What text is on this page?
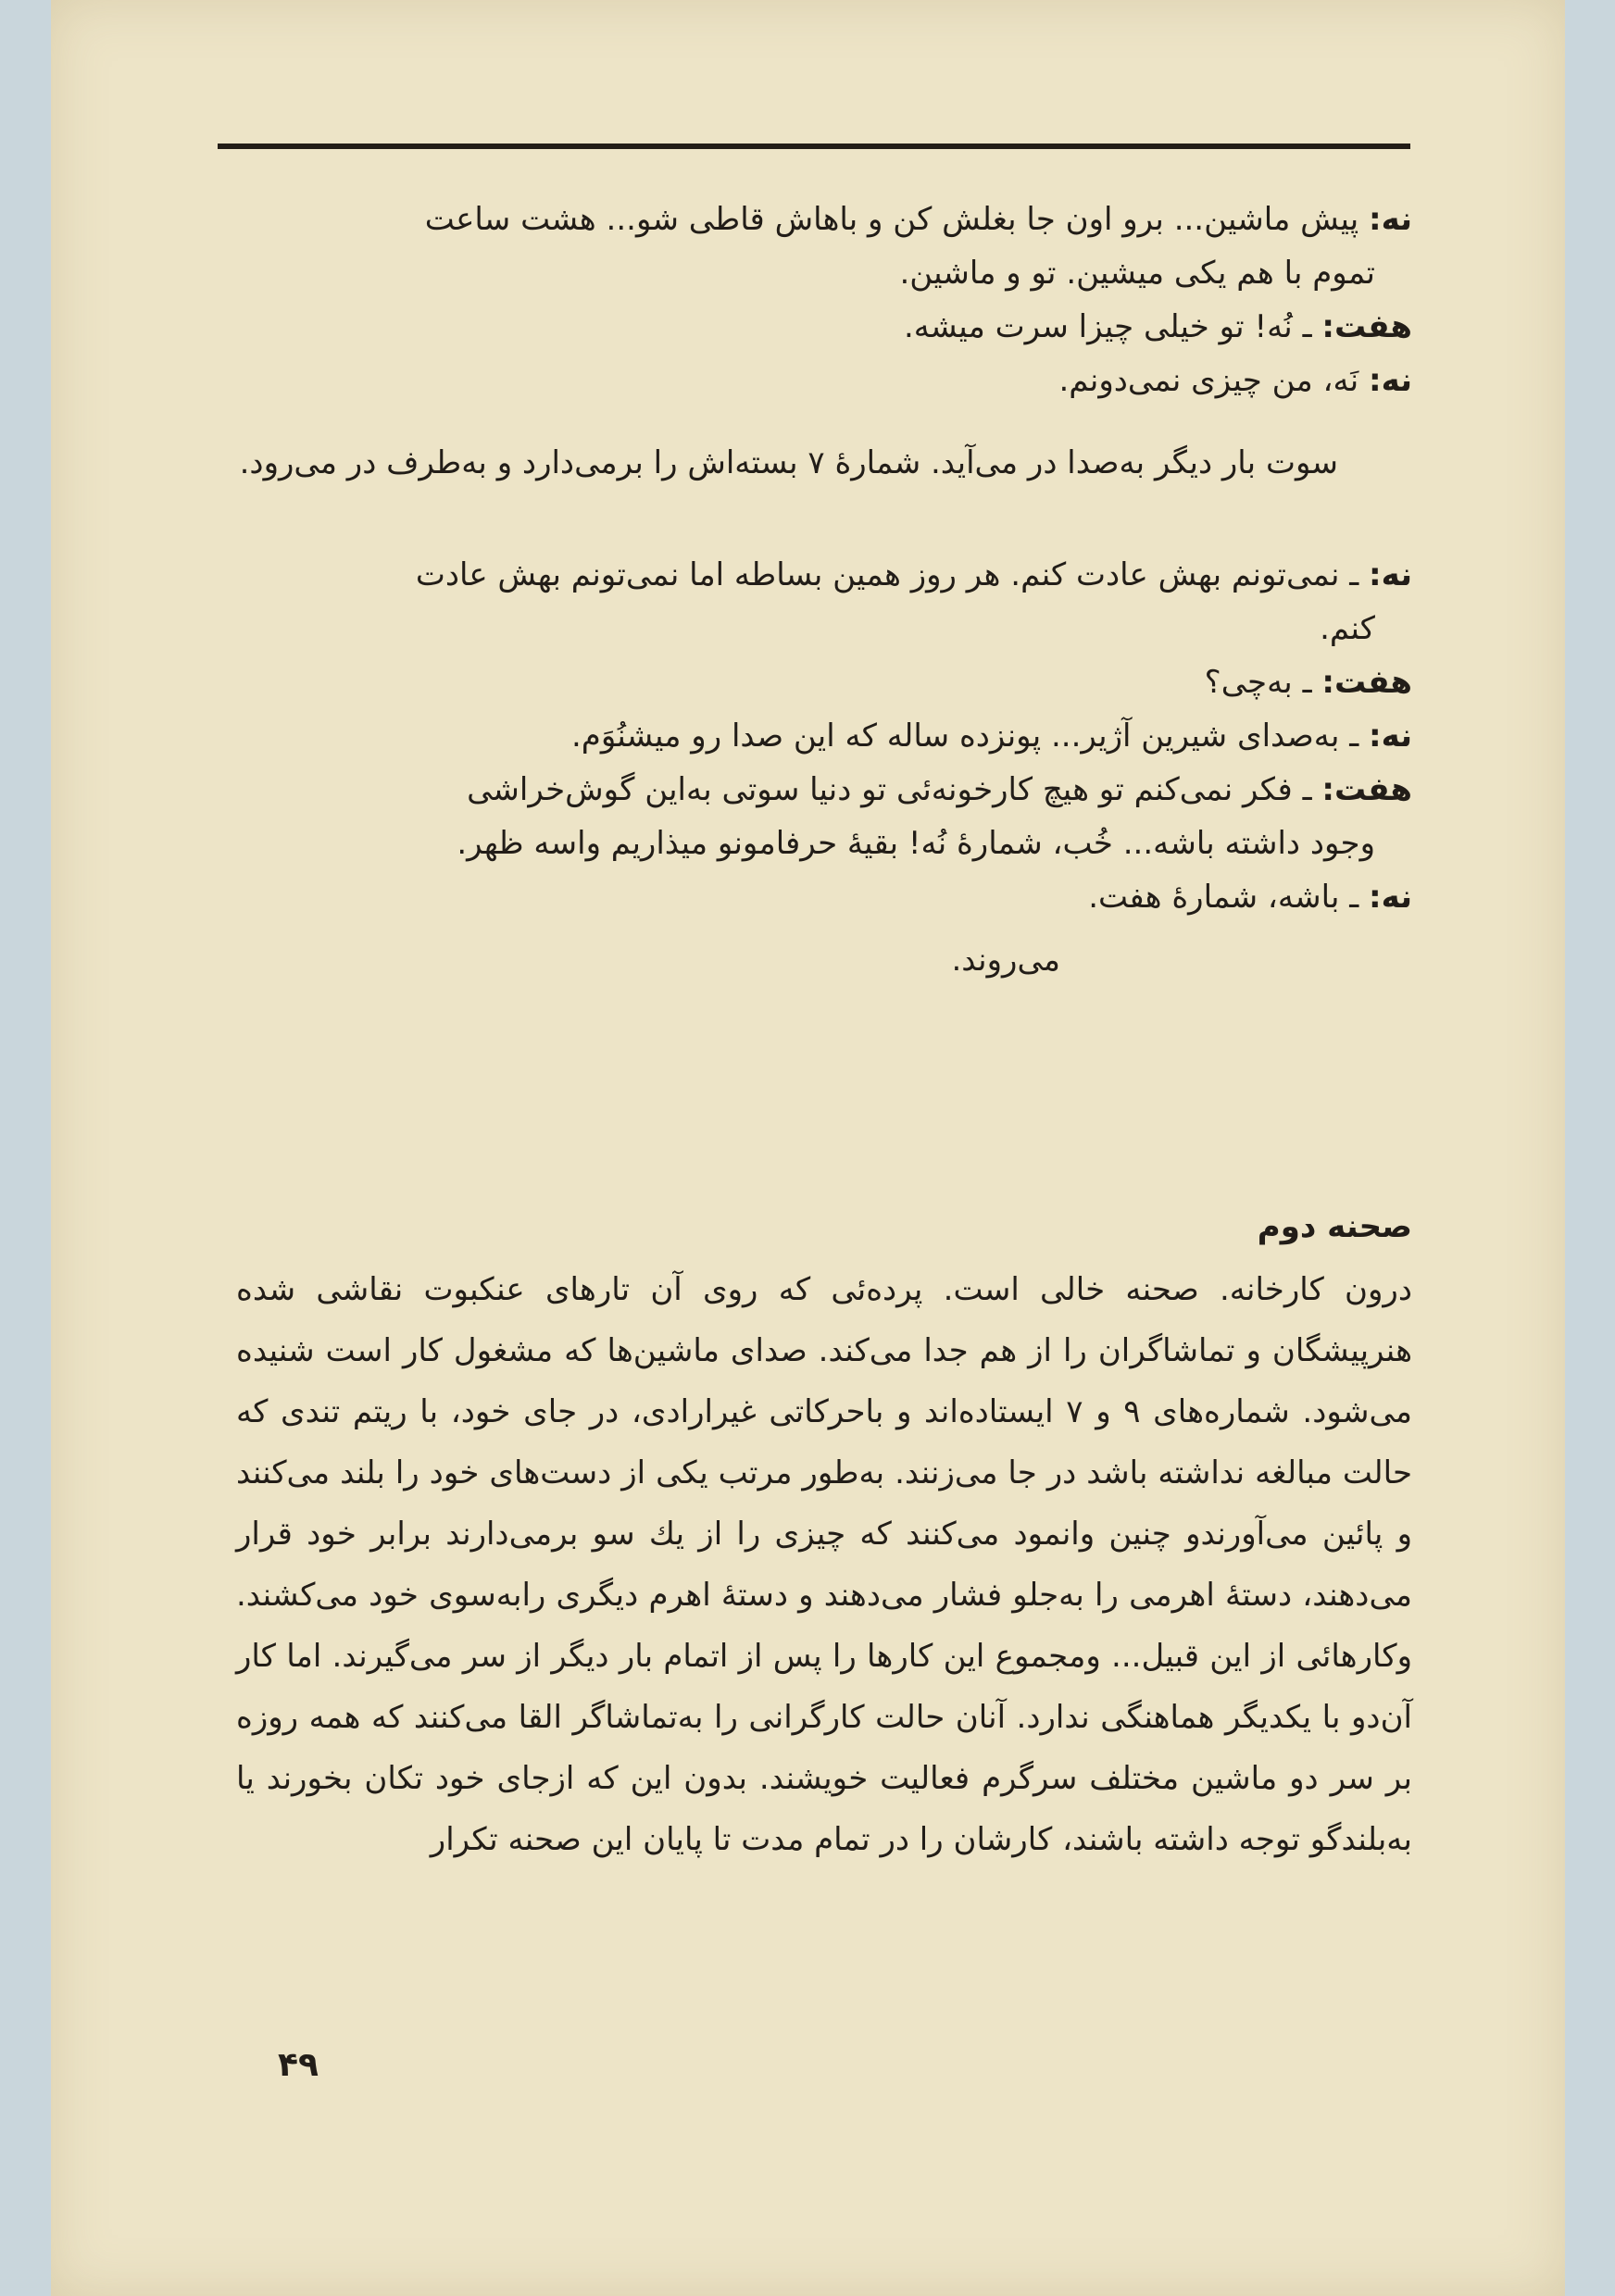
نه: پیش ماشین... برو اون جا بغلش کن و باهاش قاطی شو... هشت ساعت
تموم با هم یکی میشین. تو و ماشین.
هفت: ـ نُه! تو خیلی چیزا سرت میشه.
نه: نَه، من چیزی نمی‌دونم.
سوت بار دیگر به‌صدا در می‌آید. شمارهٔ ۷ بسته‌اش را برمی‌دارد و به‌طرف در می‌رود.
نه: ـ نمی‌تونم بهش عادت کنم. هر روز همین بساطه اما نمی‌تونم بهش عادت
کنم.
هفت: ـ به‌چی؟
نه: ـ به‌صدای شیرین آژیر... پونزده ساله که این صدا رو میشنُوَم.
هفت: ـ فکر نمی‌کنم تو هیچ کارخونه‌ئی تو دنیا سوتی به‌این گوش‌خراشی
وجود داشته باشه... خُب، شمارهٔ نُه! بقیهٔ حرفامونو میذاریم واسه ظهر.
نه: ـ باشه، شمارهٔ هفت.
می‌روند.
صحنه دوم
درون کارخانه. صحنه خالی است. پرده‌ئی که روی آن تارهای عنکبوت نقاشی شده هنرپیشگان و تماشاگران را از هم جدا می‌کند. صدای ماشین‌ها که مشغول کار است شنیده می‌شود. شماره‌های ۹ و ۷ ایستاده‌اند و باحرکاتی غیرارادی، در جای خود، با ریتم تندی که حالت مبالغه نداشته باشد در جا می‌زنند. به‌طور مرتب یکی از دست‌های خود را بلند می‌کنند و پائین می‌آورندو چنین وانمود می‌کنند که چیزی را از یك سو برمی‌دارند برابر خود قرار می‌دهند، دستهٔ اهرمی را به‌جلو فشار می‌دهند و دستهٔ اهرم دیگری رابه‌سوی خود می‌کشند. وکارهائی از این قبیل... ومجموع این کارها را پس از اتمام بار دیگر از سر می‌گیرند. اما کار آن‌دو با یکدیگر هماهنگی ندارد. آنان حالت کارگرانی را به‌تماشاگر القا می‌کنند که همه روزه بر سر دو ماشین مختلف سرگرم فعالیت خویشند. بدون این که ازجای خود تکان بخورند یا به‌بلندگو توجه داشته باشند، کارشان را در تمام مدت تا پایان این صحنه تکرار
۴۹
